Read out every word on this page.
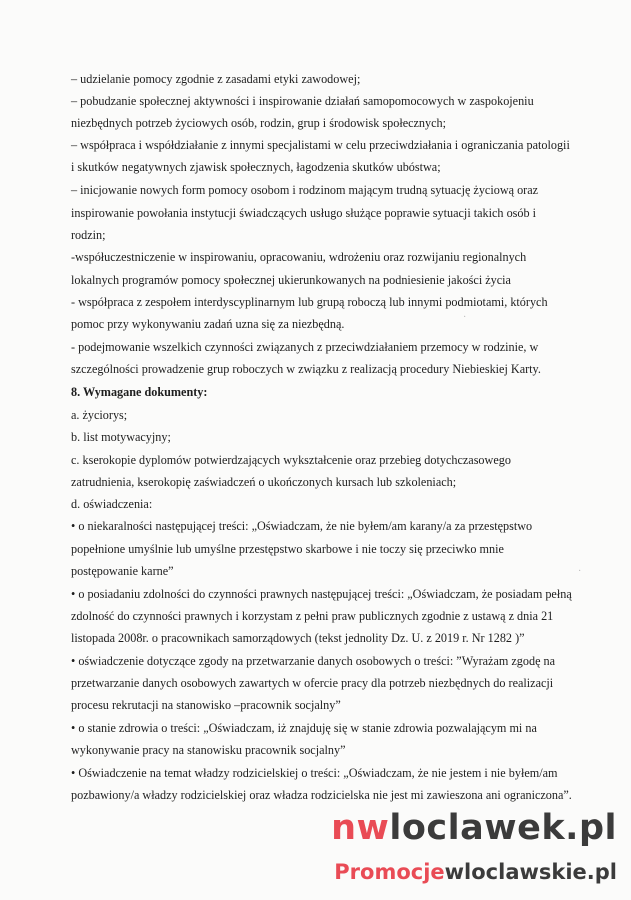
– udzielanie pomocy zgodnie z zasadami etyki zawodowej;
– pobudzanie społecznej aktywności i inspirowanie działań samopomocowych w zaspokojeniu
niezbędnych potrzeb życiowych osób, rodzin, grup i środowisk społecznych;
– współpraca i współdziałanie z innymi specjalistami w celu przeciwdziałania i ograniczania patologii
i skutków negatywnych zjawisk społecznych, łagodzenia skutków ubóstwa;
– inicjowanie nowych form pomocy osobom i rodzinom mającym trudną sytuację życiową oraz
inspirowanie powołania instytucji świadczących usługo służące poprawie sytuacji takich osób i
rodzin;
-współuczestniczenie w inspirowaniu, opracowaniu, wdrożeniu oraz rozwijaniu regionalnych
lokalnych programów pomocy społecznej ukierunkowanych na podniesienie jakości życia
- współpraca z zespołem interdyscyplinarnym lub grupą roboczą lub innymi podmiotami, których
pomoc przy wykonywaniu zadań uzna się za niezbędną.
- podejmowanie wszelkich czynności związanych z przeciwdziałaniem przemocy w rodzinie, w
szczególności prowadzenie grup roboczych w związku z realizacją procedury Niebieskiej Karty.
8. Wymagane dokumenty:
a. życiorys;
b. list motywacyjny;
c. kserokopie dyplomów potwierdzających wykształcenie oraz przebieg dotychczasowego
zatrudnienia, kserokopię zaświadczeń o ukończonych kursach lub szkoleniach;
d. oświadczenia:
• o niekaralności następującej treści: „Oświadczam, że nie byłem/am karany/a za przestępstwo
popełnione umyślnie lub umyślne przestępstwo skarbowe i nie toczy się przeciwko mnie
postępowanie karne”
• o posiadaniu zdolności do czynności prawnych następującej treści: „Oświadczam, że posiadam pełną
zdolność do czynności prawnych i korzystam z pełni praw publicznych zgodnie z ustawą z dnia 21
listopada 2008r. o pracownikach samorządowych (tekst jednolity Dz. U. z 2019 r. Nr 1282 )”
• oświadczenie dotyczące zgody na przetwarzanie danych osobowych o treści: ”Wyrażam zgodę na
przetwarzanie danych osobowych zawartych w ofercie pracy dla potrzeb niezbędnych do realizacji
procesu rekrutacji na stanowisko –pracownik socjalny”
• o stanie zdrowia o treści: „Oświadczam, iż znajduję się w stanie zdrowia pozwalającym mi na
wykonywanie pracy na stanowisku pracownik socjalny”
• Oświadczenie na temat władzy rodzicielskiej o treści: „Oświadczam, że nie jestem i nie byłem/am
pozbawiony/a władzy rodzicielskiej oraz władza rodzicielska nie jest mi zawieszona ani ograniczona”.
·
·
nwloclawek.pl
Promocjewloclawskie.pl
